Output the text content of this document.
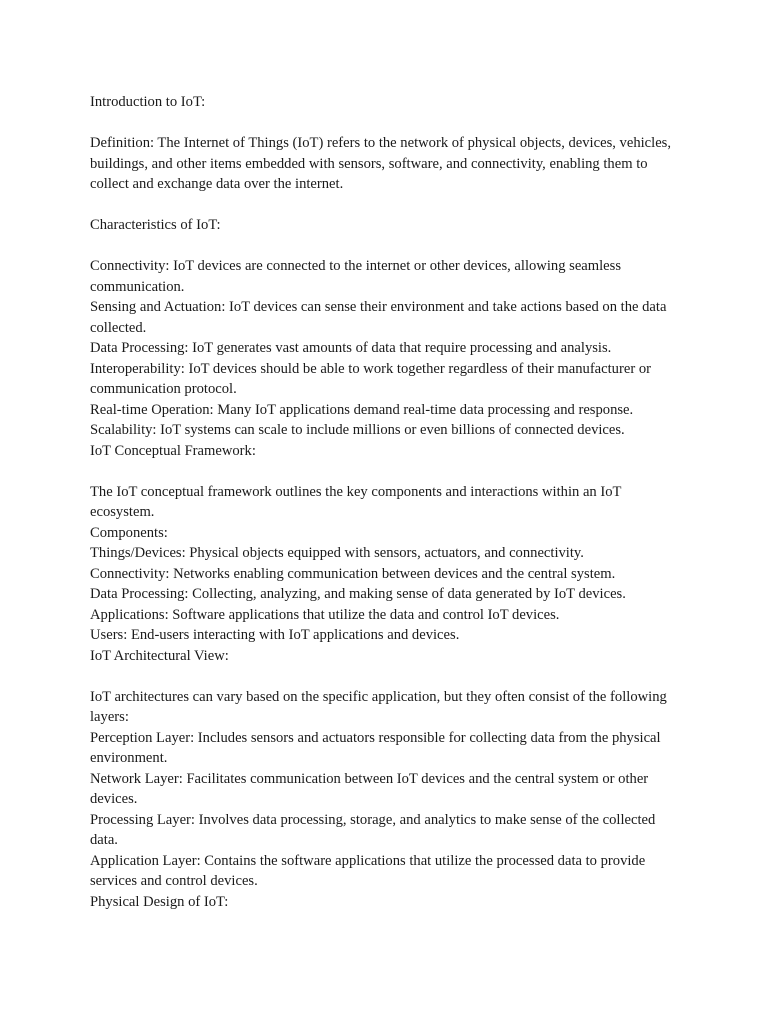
Introduction to IoT:

Definition: The Internet of Things (IoT) refers to the network of physical objects, devices, vehicles, buildings, and other items embedded with sensors, software, and connectivity, enabling them to collect and exchange data over the internet.

Characteristics of IoT:

Connectivity: IoT devices are connected to the internet or other devices, allowing seamless communication.

Sensing and Actuation: IoT devices can sense their environment and take actions based on the data collected.

Data Processing: IoT generates vast amounts of data that require processing and analysis.

Interoperability: IoT devices should be able to work together regardless of their manufacturer or communication protocol.

Real-time Operation: Many IoT applications demand real-time data processing and response.

Scalability: IoT systems can scale to include millions or even billions of connected devices.

IoT Conceptual Framework:

The IoT conceptual framework outlines the key components and interactions within an IoT ecosystem.

Components:

Things/Devices: Physical objects equipped with sensors, actuators, and connectivity.

Connectivity: Networks enabling communication between devices and the central system.

Data Processing: Collecting, analyzing, and making sense of data generated by IoT devices.

Applications: Software applications that utilize the data and control IoT devices.

Users: End-users interacting with IoT applications and devices.

IoT Architectural View:

IoT architectures can vary based on the specific application, but they often consist of the following layers:

Perception Layer: Includes sensors and actuators responsible for collecting data from the physical environment.

Network Layer: Facilitates communication between IoT devices and the central system or other devices.

Processing Layer: Involves data processing, storage, and analytics to make sense of the collected data.

Application Layer: Contains the software applications that utilize the processed data to provide services and control devices.

Physical Design of IoT:
